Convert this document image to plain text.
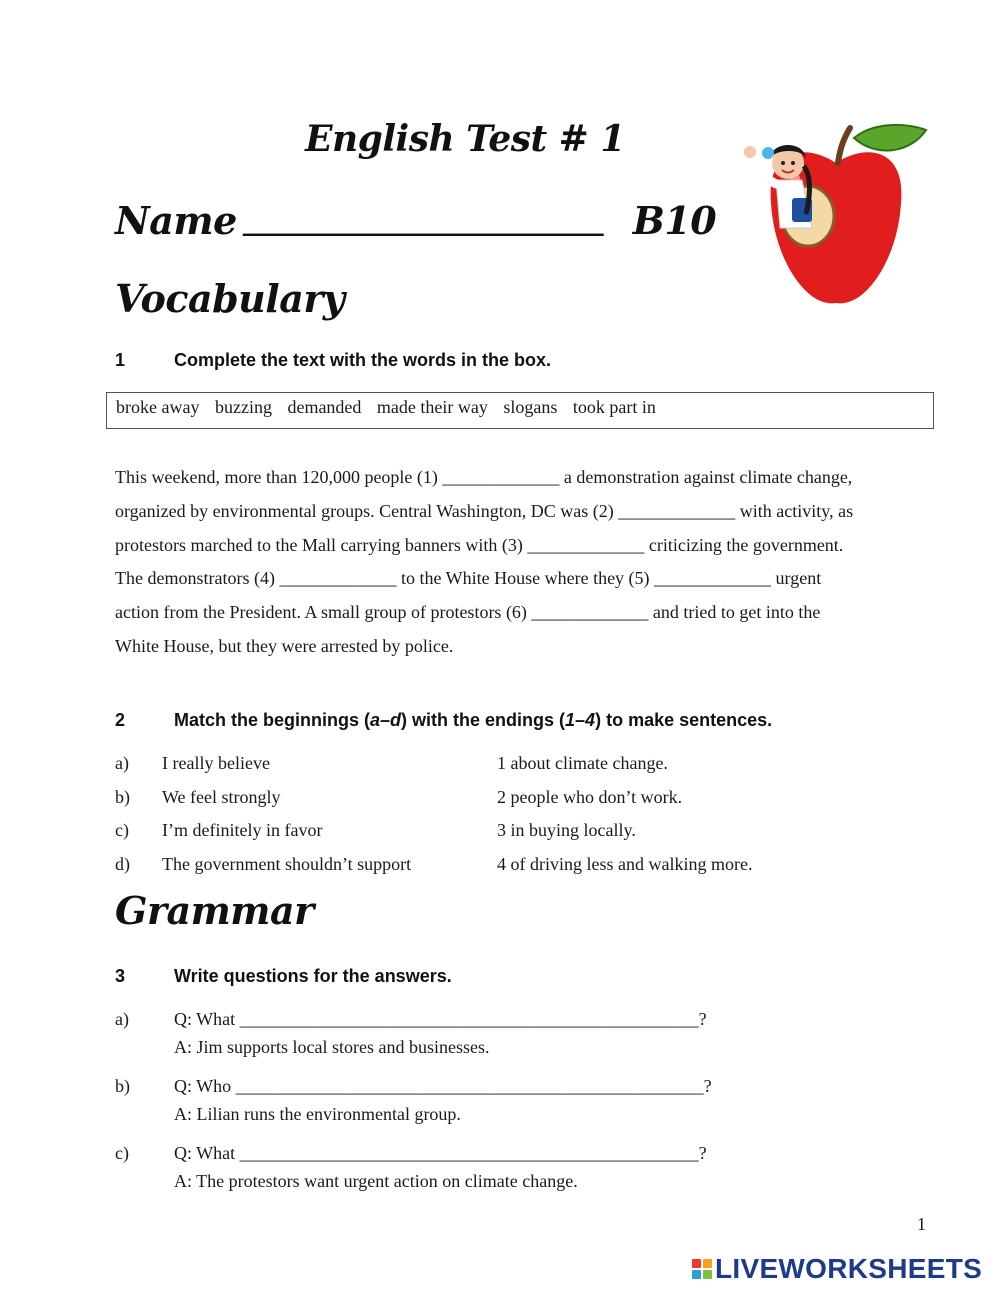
English Test # 1
Name ______________________________ B10
Vocabulary
1	Complete the text with the words in the box.
broke away buzzing demanded made their way slogans took part in
This weekend, more than 120,000 people (1) _____________ a demonstration against climate change,
organized by environmental groups. Central Washington, DC was (2) _____________ with activity, as
protestors marched to the Mall carrying banners with (3) _____________ criticizing the government.
The demonstrators (4) _____________ to the White House where they (5) _____________ urgent
action from the President. A small group of protestors (6) _____________ and tried to get into the
White House, but they were arrested by police.
2	Match the beginnings (a–d) with the endings (1–4) to make sentences.
a) I really believe	1 about climate change.
b) We feel strongly	2 people who don’t work.
c) I’m definitely in favor	3 in buying locally.
d) The government shouldn’t support	4 of driving less and walking more.
Grammar
3	Write questions for the answers.
a)	Q: What ___________________________________________________?
A: Jim supports local stores and businesses.
b) Q: Who ____________________________________________________?
A: Lilian runs the environmental group.
c)	Q: What ___________________________________________________?
A: The protestors want urgent action on climate change.
1
LIVEWORKSHEETS
